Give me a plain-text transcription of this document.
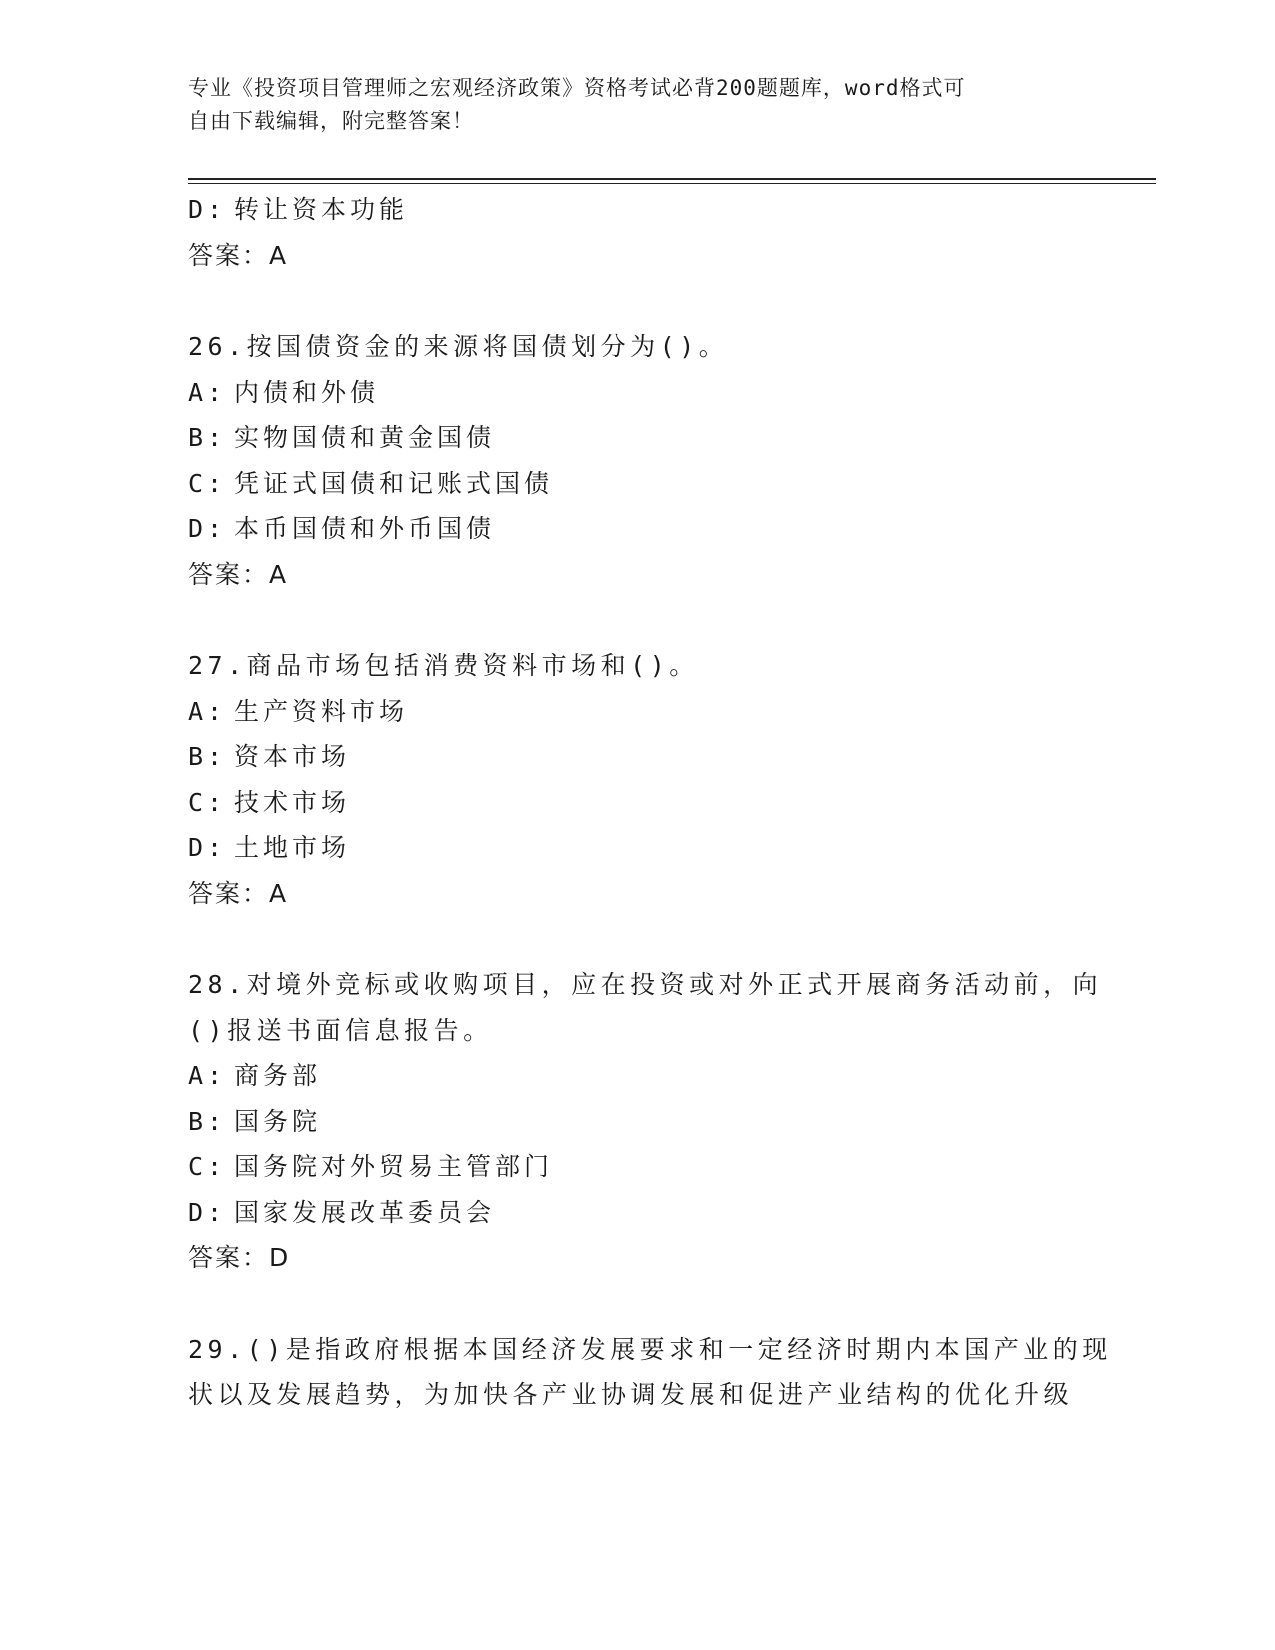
专业《投资项目管理师之宏观经济政策》资格考试必背200题题库，word格式可
自由下载编辑，附完整答案！
D: 转让资本功能
答案：A
26.按国债资金的来源将国债划分为()。
A: 内债和外债
B: 实物国债和黄金国债
C: 凭证式国债和记账式国债
D: 本币国债和外币国债
答案：A
27.商品市场包括消费资料市场和()。
A: 生产资料市场
B: 资本市场
C: 技术市场
D: 土地市场
答案：A
28.对境外竞标或收购项目，应在投资或对外正式开展商务活动前，向
()报送书面信息报告。
A: 商务部
B: 国务院
C: 国务院对外贸易主管部门
D: 国家发展改革委员会
答案：D
29.()是指政府根据本国经济发展要求和一定经济时期内本国产业的现
状以及发展趋势，为加快各产业协调发展和促进产业结构的优化升级
